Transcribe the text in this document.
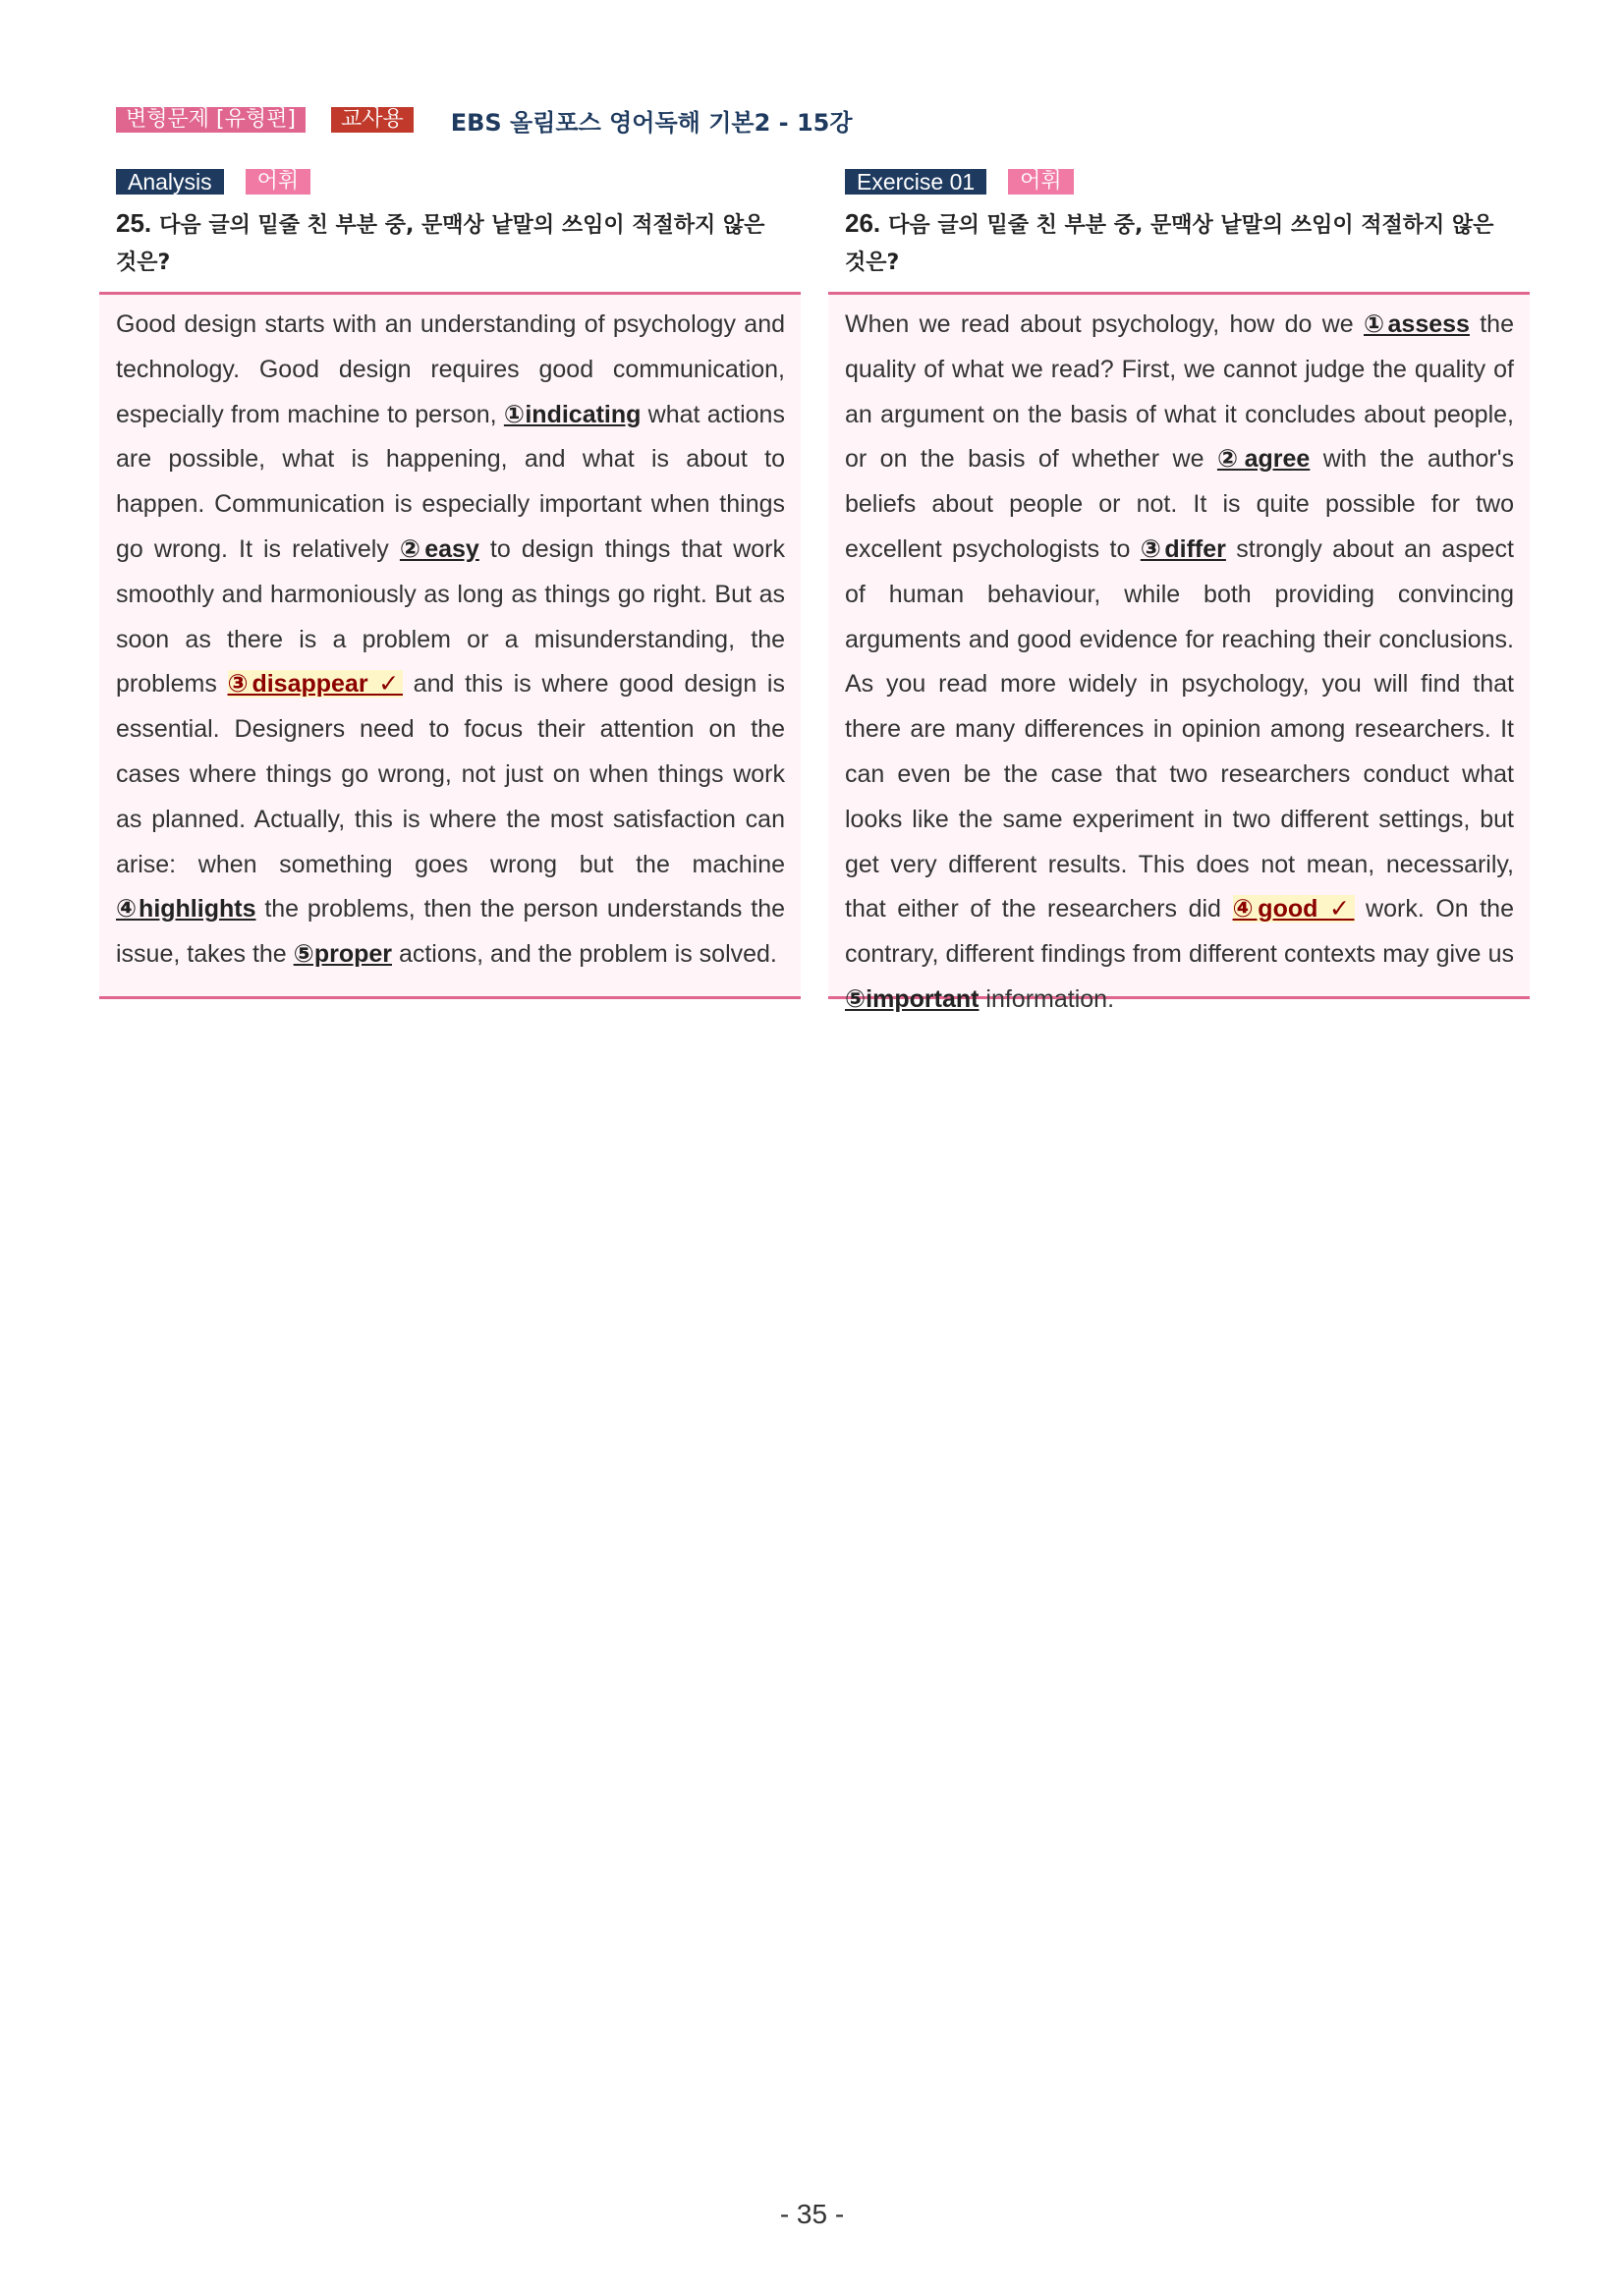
변형문제 [유형편]	교사용	EBS 올림포스 영어독해 기본2 - 15강
Analysis	어휘
25. 다음 글의 밑줄 친 부분 중, 문맥상 낱말의 쓰임이 적절하지 않은 것은?

Good design starts with an understanding of psychology and technology. Good design requires good communication, especially from machine to person, ①indicating what actions are possible, what is happening, and what is about to happen. Communication is especially important when things go wrong. It is relatively ②easy to design things that work smoothly and harmoniously as long as things go right. But as soon as there is a problem or a misunderstanding, the problems ③disappear ✓ and this is where good design is essential. Designers need to focus their attention on the cases where things go wrong, not just on when things work as planned. Actually, this is where the most satisfaction can arise: when something goes wrong but the machine ④highlights the problems, then the person understands the issue, takes the ⑤proper actions, and the problem is solved.

Exercise 01	어휘
26. 다음 글의 밑줄 친 부분 중, 문맥상 낱말의 쓰임이 적절하지 않은 것은?

When we read about psychology, how do we ①assess the quality of what we read? First, we cannot judge the quality of an argument on the basis of what it concludes about people, or on the basis of whether we ②agree with the author's beliefs about people or not. It is quite possible for two excellent psychologists to ③differ strongly about an aspect of human behaviour, while both providing convincing arguments and good evidence for reaching their conclusions. As you read more widely in psychology, you will find that there are many differences in opinion among researchers. It can even be the case that two researchers conduct what looks like the same experiment in two different settings, but get very different results. This does not mean, necessarily, that either of the researchers did ④good ✓ work. On the contrary, different findings from different contexts may give us ⑤important information.

- 35 -
